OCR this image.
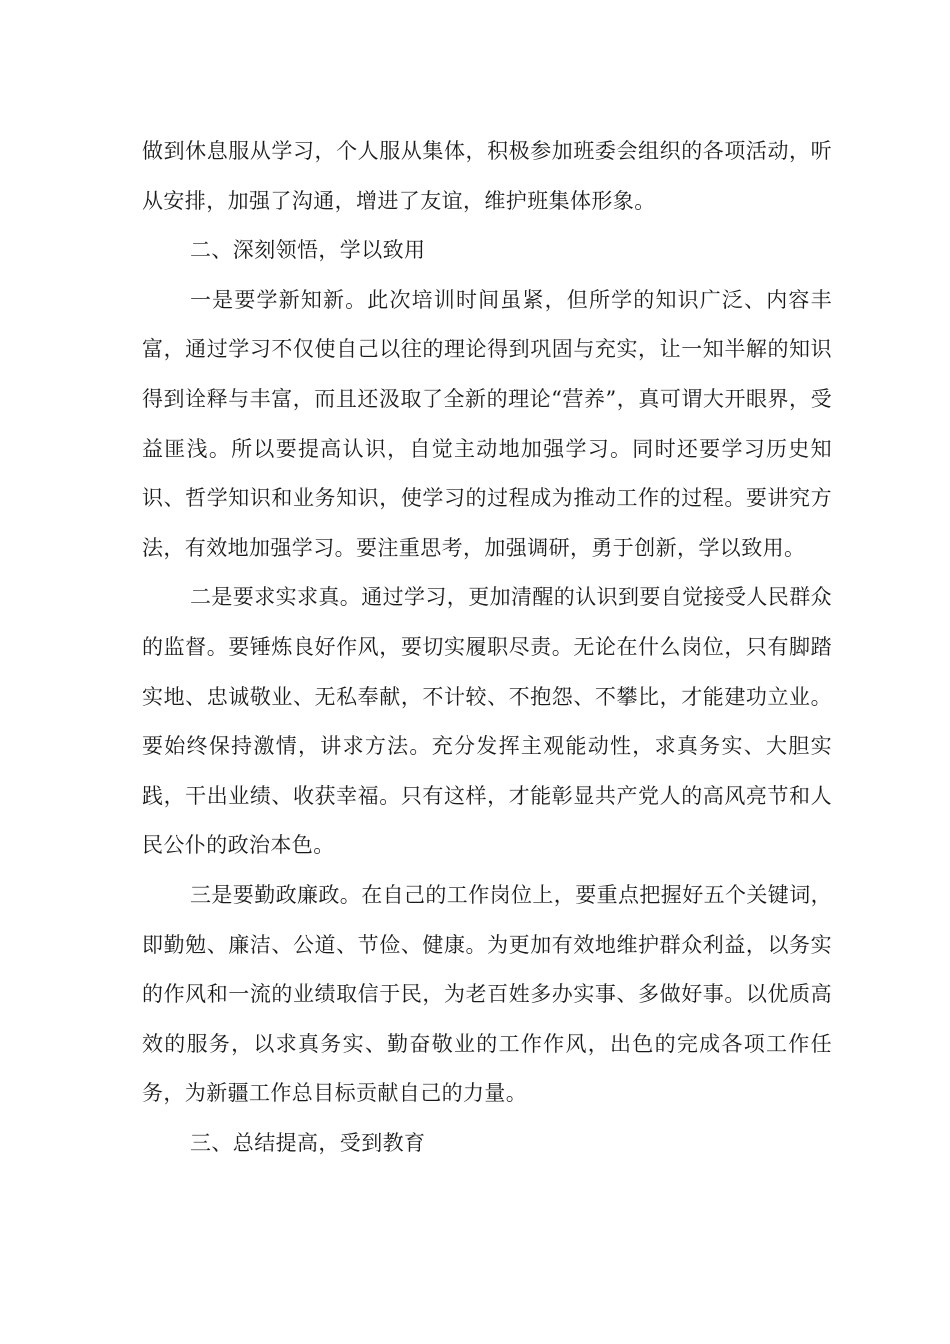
做到休息服从学习，个人服从集体，积极参加班委会组织的各项活动，听从安排，加强了沟通，增进了友谊，维护班集体形象。

二、深刻领悟，学以致用

一是要学新知新。此次培训时间虽紧，但所学的知识广泛、内容丰富，通过学习不仅使自己以往的理论得到巩固与充实，让一知半解的知识得到诠释与丰富，而且还汲取了全新的理论“营养”，真可谓大开眼界，受益匪浅。所以要提高认识，自觉主动地加强学习。同时还要学习历史知识、哲学知识和业务知识，使学习的过程成为推动工作的过程。要讲究方法，有效地加强学习。要注重思考，加强调研，勇于创新，学以致用。

二是要求实求真。通过学习，更加清醒的认识到要自觉接受人民群众的监督。要锤炼良好作风，要切实履职尽责。无论在什么岗位，只有脚踏实地、忠诚敬业、无私奉献，不计较、不抱怨、不攀比，才能建功立业。要始终保持激情，讲求方法。充分发挥主观能动性，求真务实、大胆实践，干出业绩、收获幸福。只有这样，才能彰显共产党人的高风亮节和人民公仆的政治本色。

三是要勤政廉政。在自己的工作岗位上，要重点把握好五个关键词，即勤勉、廉洁、公道、节俭、健康。为更加有效地维护群众利益，以务实的作风和一流的业绩取信于民，为老百姓多办实事、多做好事。以优质高效的服务，以求真务实、勤奋敬业的工作作风，出色的完成各项工作任务，为新疆工作总目标贡献自己的力量。

三、总结提高，受到教育
